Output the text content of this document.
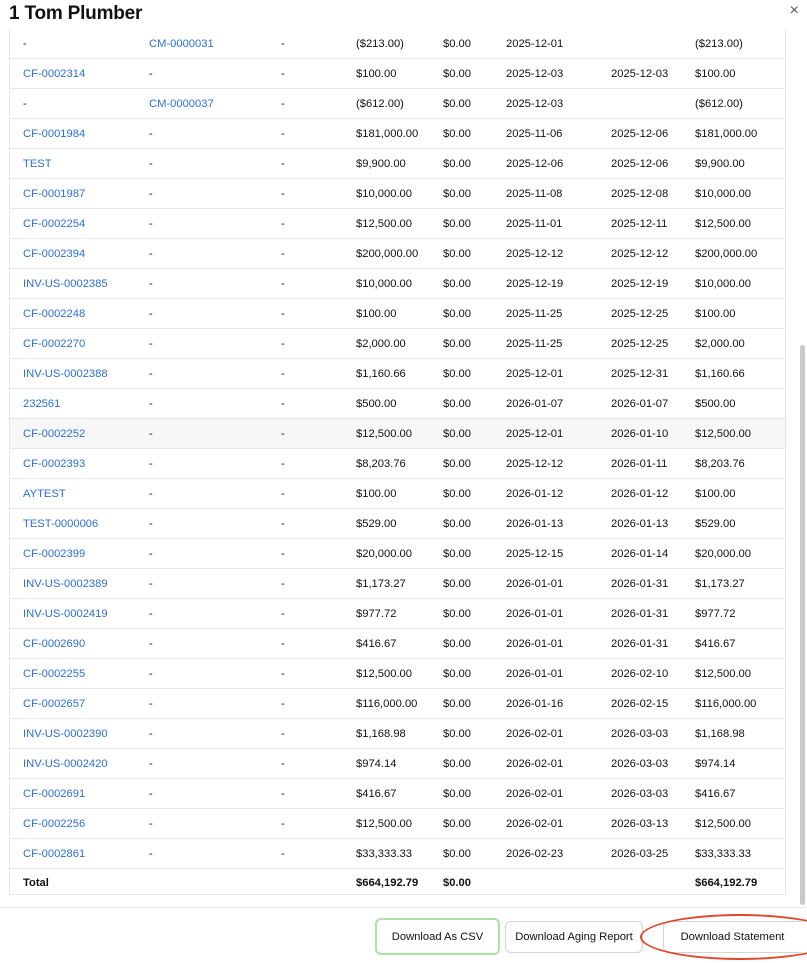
1 Tom Plumber	×
-	CM-0000031	-	($213.00)	$0.00	2025-12-01		($213.00)
CF-0002314	-	-	$100.00	$0.00	2025-12-03	2025-12-03	$100.00
-	CM-0000037	-	($612.00)	$0.00	2025-12-03		($612.00)
CF-0001984	-	-	$181,000.00	$0.00	2025-11-06	2025-12-06	$181,000.00
TEST	-	-	$9,900.00	$0.00	2025-12-06	2025-12-06	$9,900.00
CF-0001987	-	-	$10,000.00	$0.00	2025-11-08	2025-12-08	$10,000.00
CF-0002254	-	-	$12,500.00	$0.00	2025-11-01	2025-12-11	$12,500.00
CF-0002394	-	-	$200,000.00	$0.00	2025-12-12	2025-12-12	$200,000.00
INV-US-0002385	-	-	$10,000.00	$0.00	2025-12-19	2025-12-19	$10,000.00
CF-0002248	-	-	$100.00	$0.00	2025-11-25	2025-12-25	$100.00
CF-0002270	-	-	$2,000.00	$0.00	2025-11-25	2025-12-25	$2,000.00
INV-US-0002388	-	-	$1,160.66	$0.00	2025-12-01	2025-12-31	$1,160.66
232561	-	-	$500.00	$0.00	2026-01-07	2026-01-07	$500.00
CF-0002252	-	-	$12,500.00	$0.00	2025-12-01	2026-01-10	$12,500.00
CF-0002393	-	-	$8,203.76	$0.00	2025-12-12	2026-01-11	$8,203.76
AYTEST	-	-	$100.00	$0.00	2026-01-12	2026-01-12	$100.00
TEST-0000006	-	-	$529.00	$0.00	2026-01-13	2026-01-13	$529.00
CF-0002399	-	-	$20,000.00	$0.00	2025-12-15	2026-01-14	$20,000.00
INV-US-0002389	-	-	$1,173.27	$0.00	2026-01-01	2026-01-31	$1,173.27
INV-US-0002419	-	-	$977.72	$0.00	2026-01-01	2026-01-31	$977.72
CF-0002690	-	-	$416.67	$0.00	2026-01-01	2026-01-31	$416.67
CF-0002255	-	-	$12,500.00	$0.00	2026-01-01	2026-02-10	$12,500.00
CF-0002657	-	-	$116,000.00	$0.00	2026-01-16	2026-02-15	$116,000.00
INV-US-0002390	-	-	$1,168.98	$0.00	2026-02-01	2026-03-03	$1,168.98
INV-US-0002420	-	-	$974.14	$0.00	2026-02-01	2026-03-03	$974.14
CF-0002691	-	-	$416.67	$0.00	2026-02-01	2026-03-03	$416.67
CF-0002256	-	-	$12,500.00	$0.00	2026-02-01	2026-03-13	$12,500.00
CF-0002861	-	-	$33,333.33	$0.00	2026-02-23	2026-03-25	$33,333.33
Total			$664,192.79	$0.00			$664,192.79
Download As CSV	Download Aging Report	Download Statement
